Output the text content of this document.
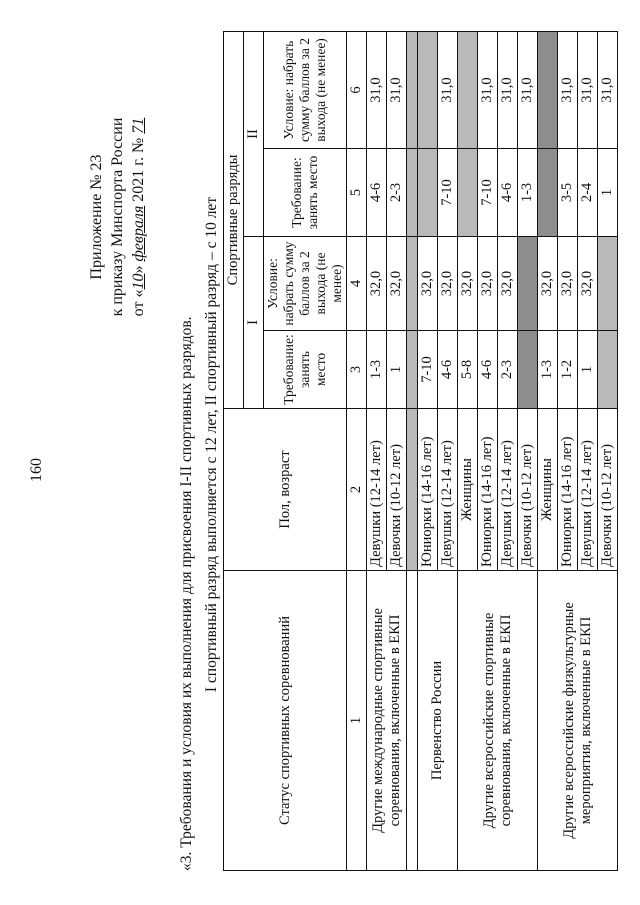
160
Приложение № 23 к приказу Минспорта России от «10» февраля 2021 г. № 71
«3. Требования и условия их выполнения для присвоения I-II спортивных разрядов. I спортивный разряд выполняется с 12 лет, II спортивный разряд – с 10 лет
Статус спортивных соревнований	Пол, возраст	Спортивные разряды			
		I		II	
		Требование: занять место	Условие: набрать сумму баллов за 2 выхода (не менее)	Требование: занять место	Условие: набрать сумму баллов за 2 выхода (не менее)
1	2	3	4	5	6
Другие международные спортивные соревнования, включенные в ЕКП	Девушки (12-14 лет)	1-3	32,0	4-6	31,0
	Девочки (10-12 лет)	1	32,0	2-3	31,0

Первенство России	Юниорки (14-16 лет)	7-10	32,0		
	Девушки (12-14 лет)	4-6	32,0	7-10	31,0
Другие всероссийские спортивные соревнования, включенные в ЕКП	Женщины	5-8	32,0		
	Юниорки (14-16 лет)	4-6	32,0	7-10	31,0
	Девушки (12-14 лет)	2-3	32,0	4-6	31,0
	Девочки (10-12 лет)			1-3	31,0
Другие всероссийские физкультурные мероприятия, включенные в ЕКП	Женщины	1-3	32,0		
	Юниорки (14-16 лет)	1-2	32,0	3-5	31,0
	Девушки (12-14 лет)	1	32,0	2-4	31,0
	Девочки (10-12 лет)			1	31,0
